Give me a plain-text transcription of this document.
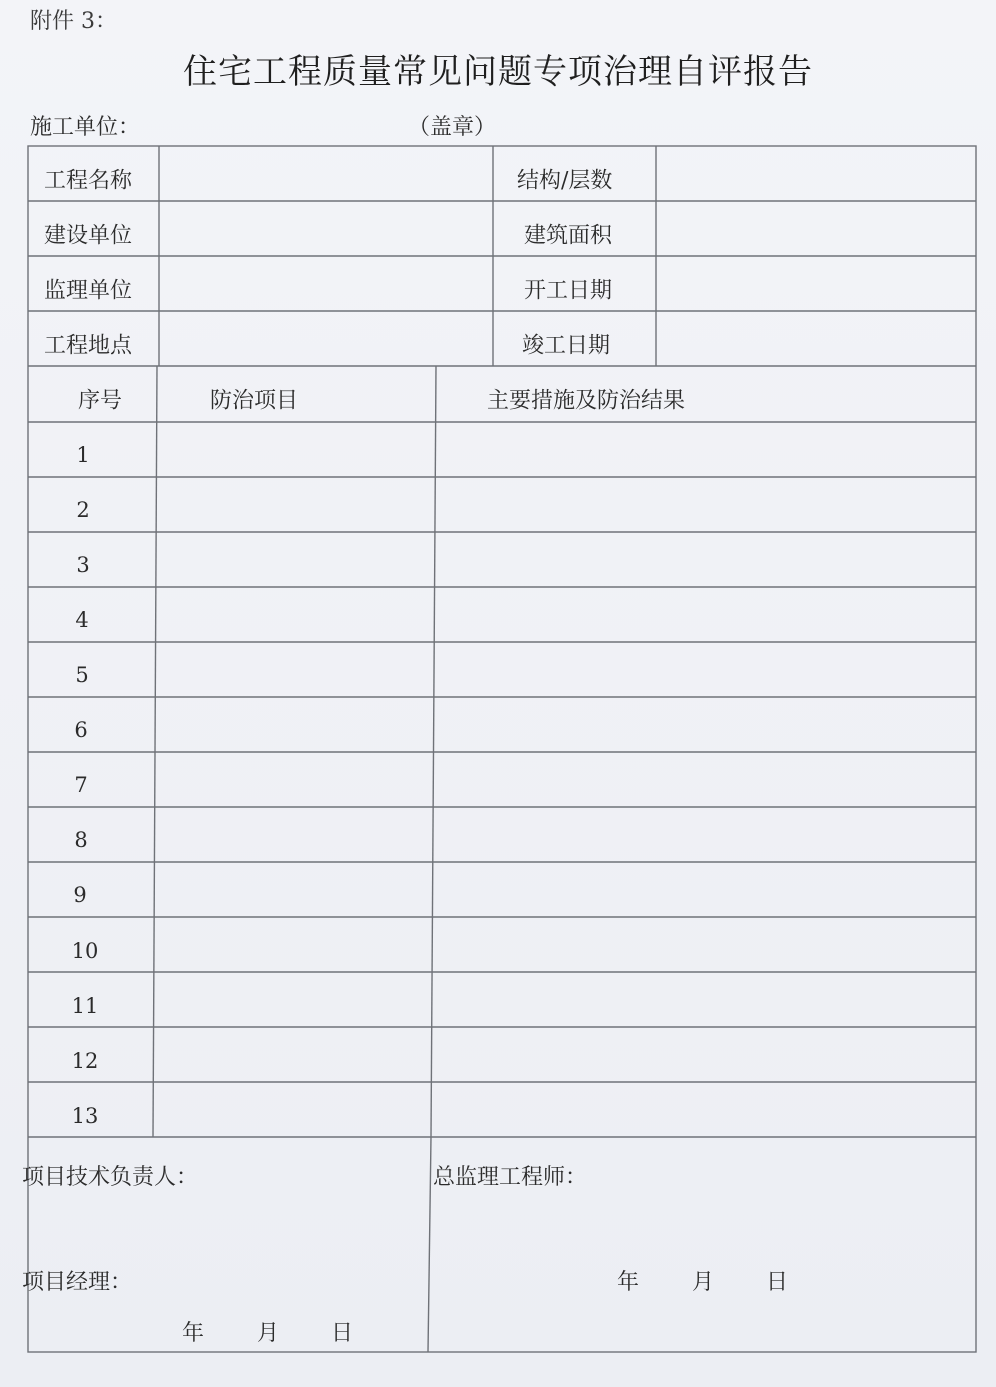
附件 3：
住宅工程质量常见问题专项治理自评报告
施工单位：	（盖章）
工程名称	结构/层数
建设单位	建筑面积
监理单位	开工日期
工程地点	竣工日期
序号	防治项目	主要措施及防治结果
1
2
3
4
5
6
7
8
9
10
11
12
13
项目技术负责人：
项目经理：
总监理工程师：
年 月 日
年 月 日
